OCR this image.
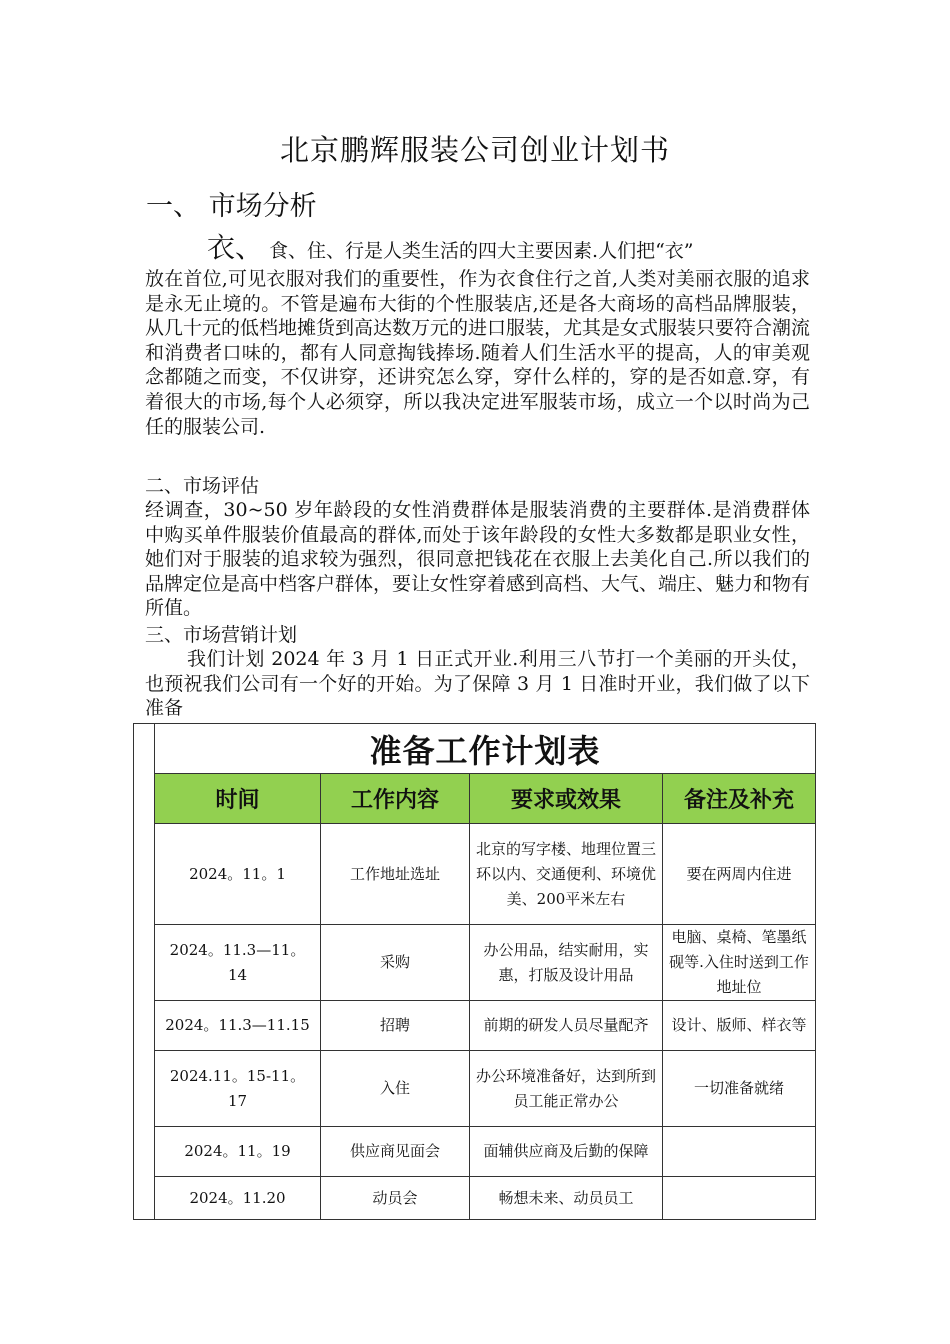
北京鹏辉服装公司创业计划书
一、 市场分析
衣、 食、住、行是人类生活的四大主要因素.人们把“衣”
放在首位,可见衣服对我们的重要性，作为衣食住行之首,人类对美丽衣服的追求是永无止境的。不管是遍布大街的个性服装店,还是各大商场的高档品牌服装，从几十元的低档地摊货到高达数万元的进口服装，尤其是女式服装只要符合潮流和消费者口味的，都有人同意掏钱捧场.随着人们生活水平的提高，人的审美观念都随之而变，不仅讲穿，还讲究怎么穿，穿什么样的，穿的是否如意.穿，有着很大的市场,每个人必须穿，所以我决定进军服装市场，成立一个以时尚为己任的服装公司.
二、市场评估
经调查，30~50 岁年龄段的女性消费群体是服装消费的主要群体.是消费群体中购买单件服装价值最高的群体,而处于该年龄段的女性大多数都是职业女性，她们对于服装的追求较为强烈，很同意把钱花在衣服上去美化自己.所以我们的品牌定位是高中档客户群体，要让女性穿着感到高档、大气、端庄、魅力和物有所值。
三、市场营销计划
我们计划 2024 年 3 月 1 日正式开业.利用三八节打一个美丽的开头仗，也预祝我们公司有一个好的开始。为了保障 3 月 1 日准时开业，我们做了以下准备
	准备工作计划表			
	时间	工作内容	要求或效果	备注及补充
	2024。11。1	工作地址选址	北京的写字楼、地理位置三环以内、交通便利、环境优美、200平米左右	要在两周内住进
	2024。11.3—11。14	采购	办公用品，结实耐用，实惠，打版及设计用品	电脑、桌椅、笔墨纸砚等.入住时送到工作地址位
	2024。11.3—11.15	招聘	前期的研发人员尽量配齐	设计、版师、样衣等
	2024.11。15-11。17	入住	办公环境准备好，达到所到员工能正常办公	一切准备就绪
	2024。11。19	供应商见面会	面辅供应商及后勤的保障	
	2024。11.20	动员会	畅想未来、动员员工	
